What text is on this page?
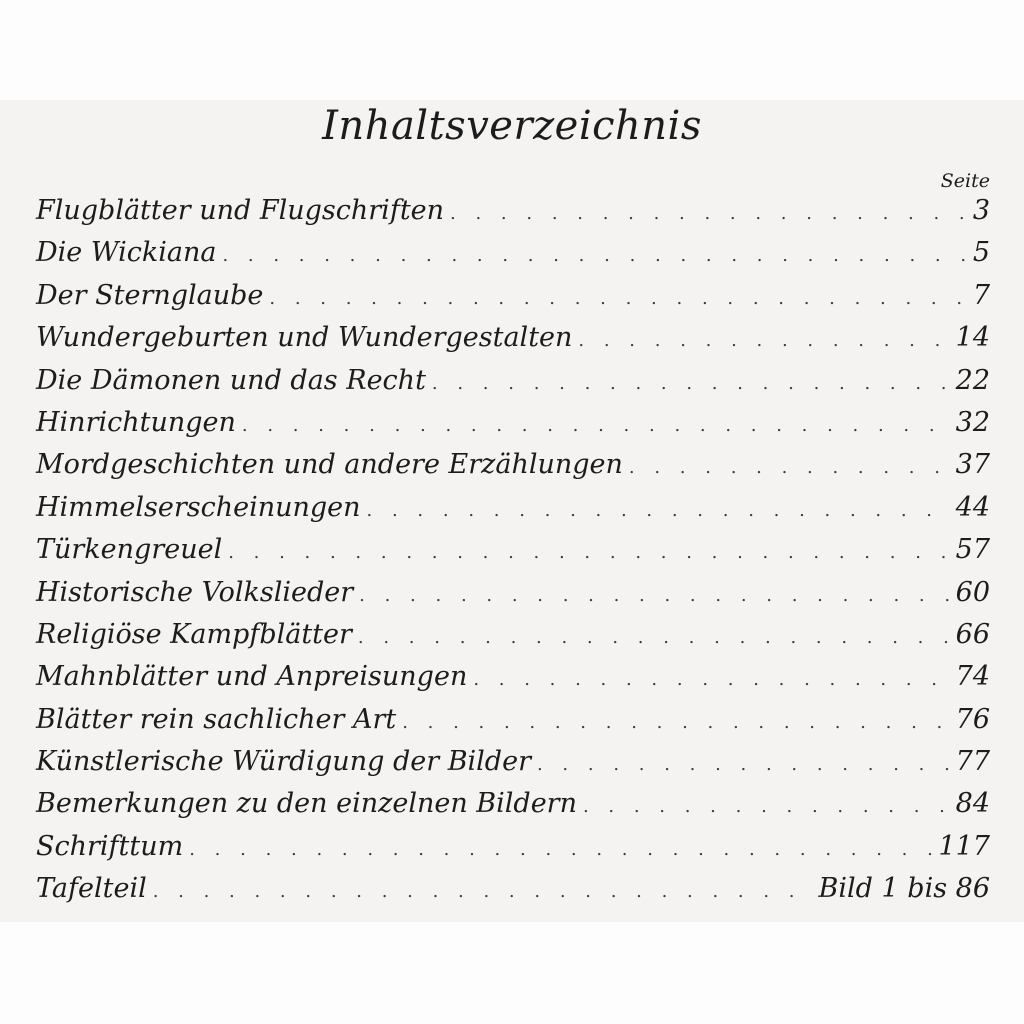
Inhaltsverzeichnis
Seite
Flugblätter und Flugschriften . . .	3
Die Wickiana . . .	5
Der Sternglaube . . .	7
Wundergeburten und Wundergestalten . . .	14
Die Dämonen und das Recht . . .	22
Hinrichtungen . . .	32
Mordgeschichten und andere Erzählungen . . .	37
Himmelserscheinungen . . .	44
Türkengreuel . . .	57
Historische Volkslieder . . .	60
Religiöse Kampfblätter . . .	66
Mahnblätter und Anpreisungen . . .	74
Blätter rein sachlicher Art . . .	76
Künstlerische Würdigung der Bilder . . .	77
Bemerkungen zu den einzelnen Bildern . . .	84
Schrifttum . . .	117
Tafelteil . . .	Bild 1 bis 86
